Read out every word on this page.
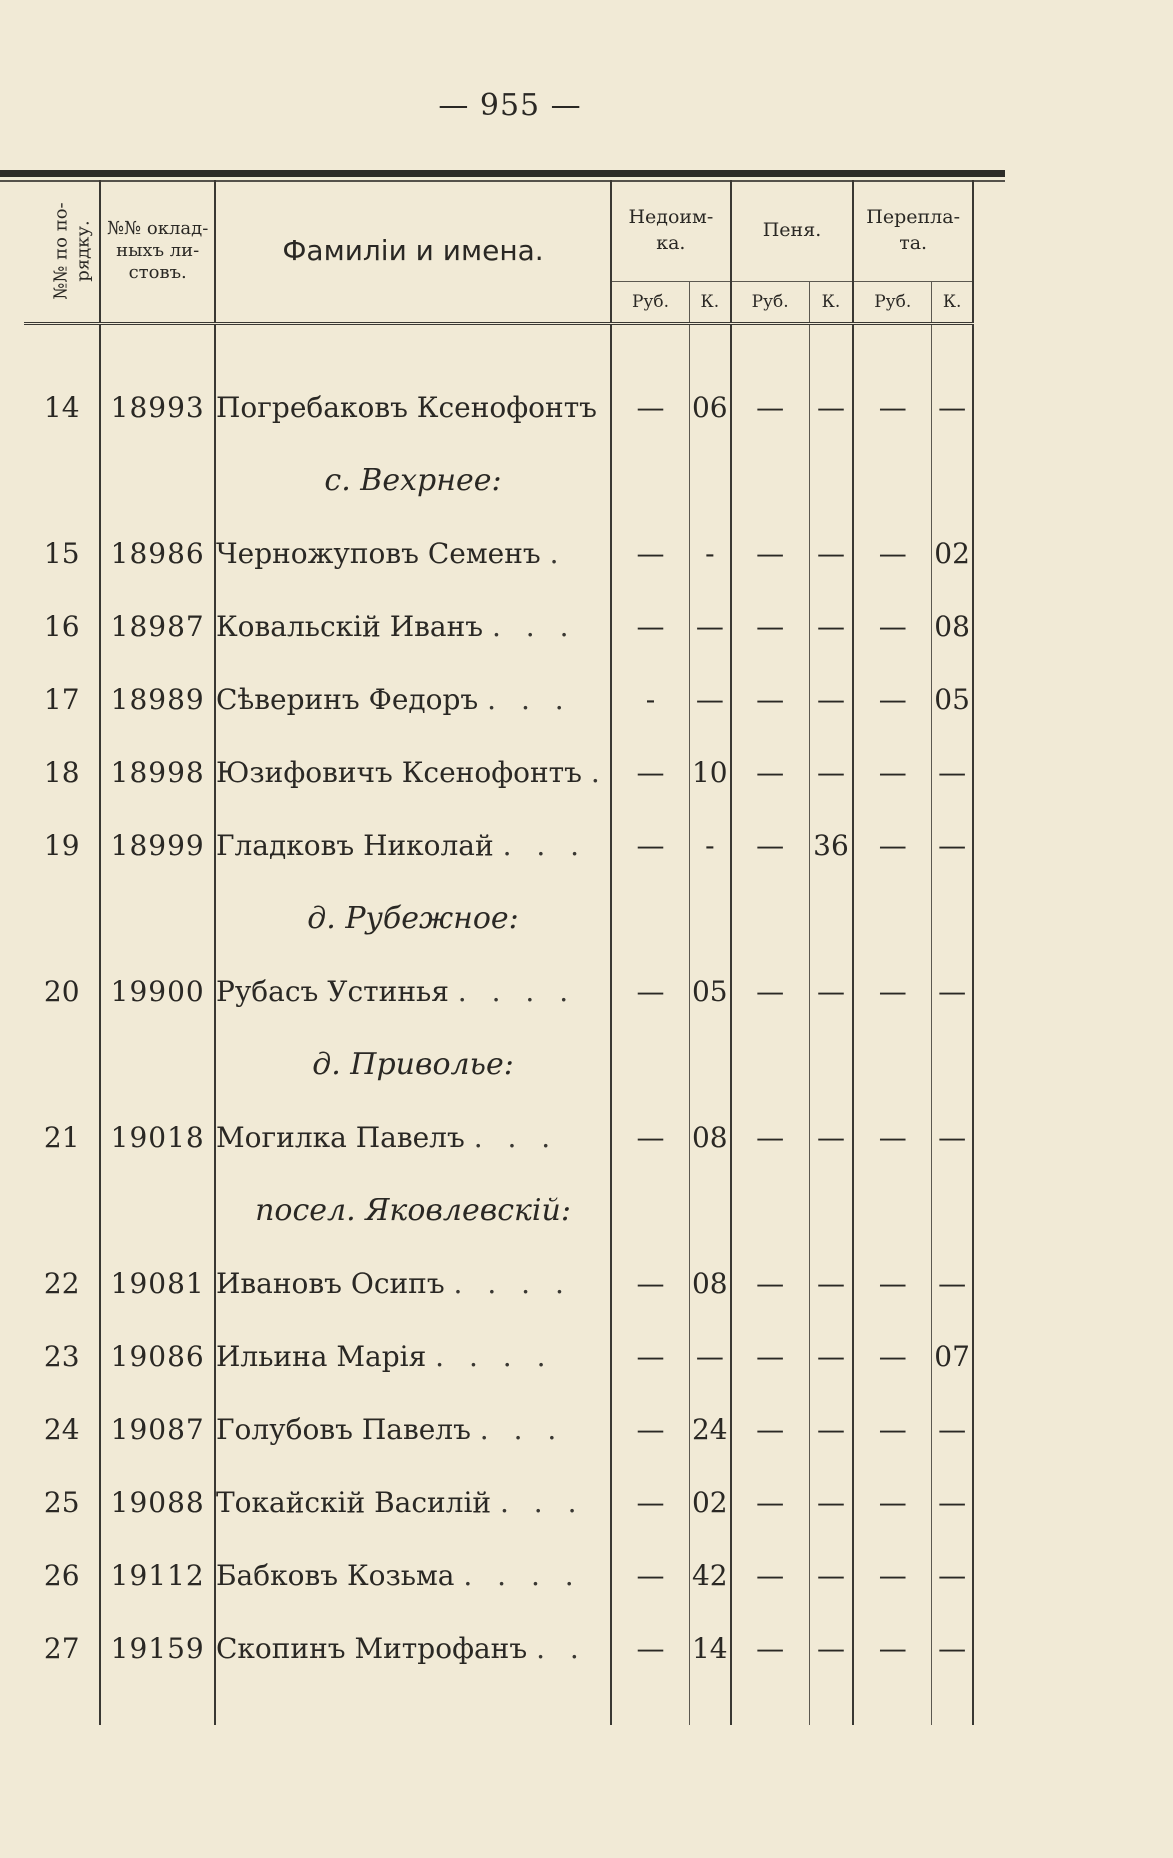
— 955 —
№№ по по-
рядку.	№№ оклад-
ныхъ ли-
стовъ.	Фамиліи и имена.	Недоим-
ка.		Пеня.		Перепла-
та.	
			Руб.	К.	Руб.	К.	Руб.	К.

14	18993	Погребаковъ Ксенофонтъ	—	06	—	—	—	—
		с. Вехрнее:						
15	18986	Черножуповъ Семенъ .	—	-	—	—	—	02
16	18987	Ковальскій Иванъ . . .	—	—	—	—	—	08
17	18989	Сѣверинъ Федоръ . . .	-	—	—	—	—	05
18	18998	Юзифовичъ Ксенофонтъ .	—	10	—	—	—	—
19	18999	Гладковъ Николай . . .	—	-	—	36	—	—
		д. Рубежное:						
20	19900	Рубасъ Устинья . . . .	—	05	—	—	—	—
		д. Приволье:						
21	19018	Могилка Павелъ . . .	—	08	—	—	—	—
		посел. Яковлевскій:						
22	19081	Ивановъ Осипъ . . . .	—	08	—	—	—	—
23	19086	Ильина Марія . . . .	—	—	—	—	—	07
24	19087	Голубовъ Павелъ . . .	—	24	—	—	—	—
25	19088	Токайскій Василій . . .	—	02	—	—	—	—
26	19112	Бабковъ Козьма . . . .	—	42	—	—	—	—
27	19159	Скопинъ Митрофанъ . .	—	14	—	—	—	—
